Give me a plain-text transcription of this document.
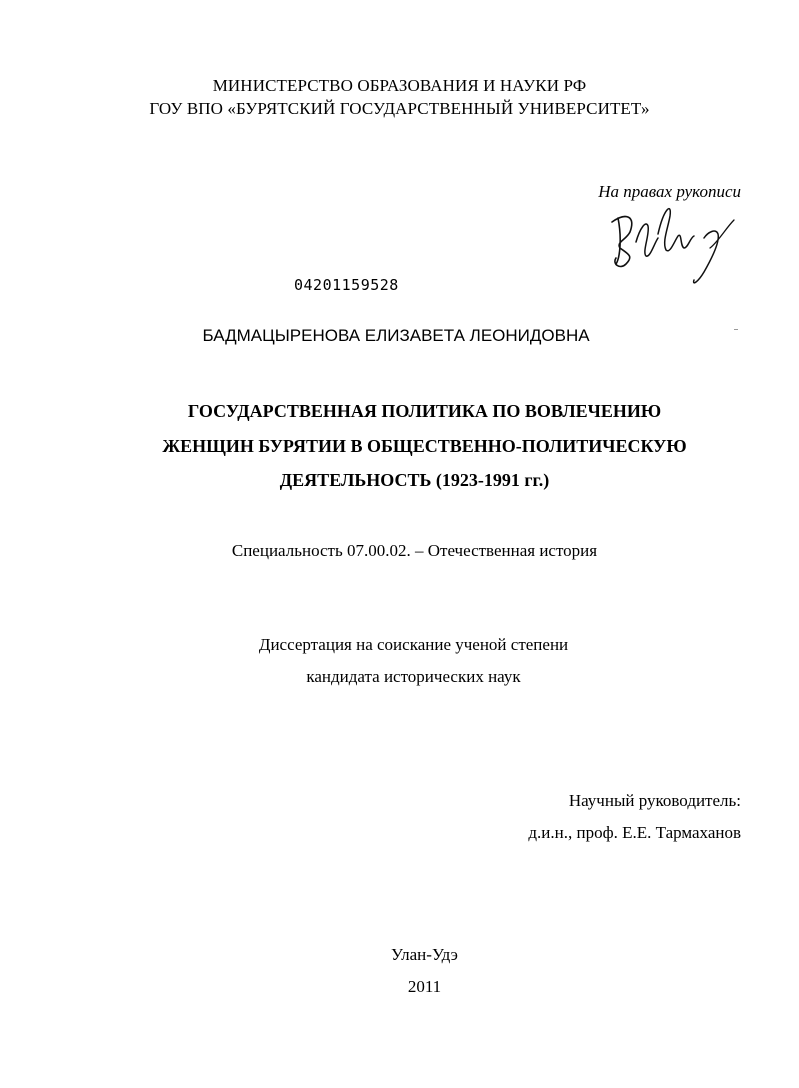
МИНИСТЕРСТВО ОБРАЗОВАНИЯ И НАУКИ РФ
ГОУ ВПО «БУРЯТСКИЙ ГОСУДАРСТВЕННЫЙ УНИВЕРСИТЕТ»
На правах рукописи
04201159528
БАДМАЦЫРЕНОВА ЕЛИЗАВЕТА ЛЕОНИДОВНА
ГОСУДАРСТВЕННАЯ ПОЛИТИКА ПО ВОВЛЕЧЕНИЮ
ЖЕНЩИН БУРЯТИИ В ОБЩЕСТВЕННО-ПОЛИТИЧЕСКУЮ
ДЕЯТЕЛЬНОСТЬ (1923-1991 гг.)
Специальность 07.00.02. – Отечественная история
Диссертация на соискание ученой степени
кандидата исторических наук
Научный руководитель:
д.и.н., проф. Е.Е. Тармаханов
Улан-Удэ
2011
